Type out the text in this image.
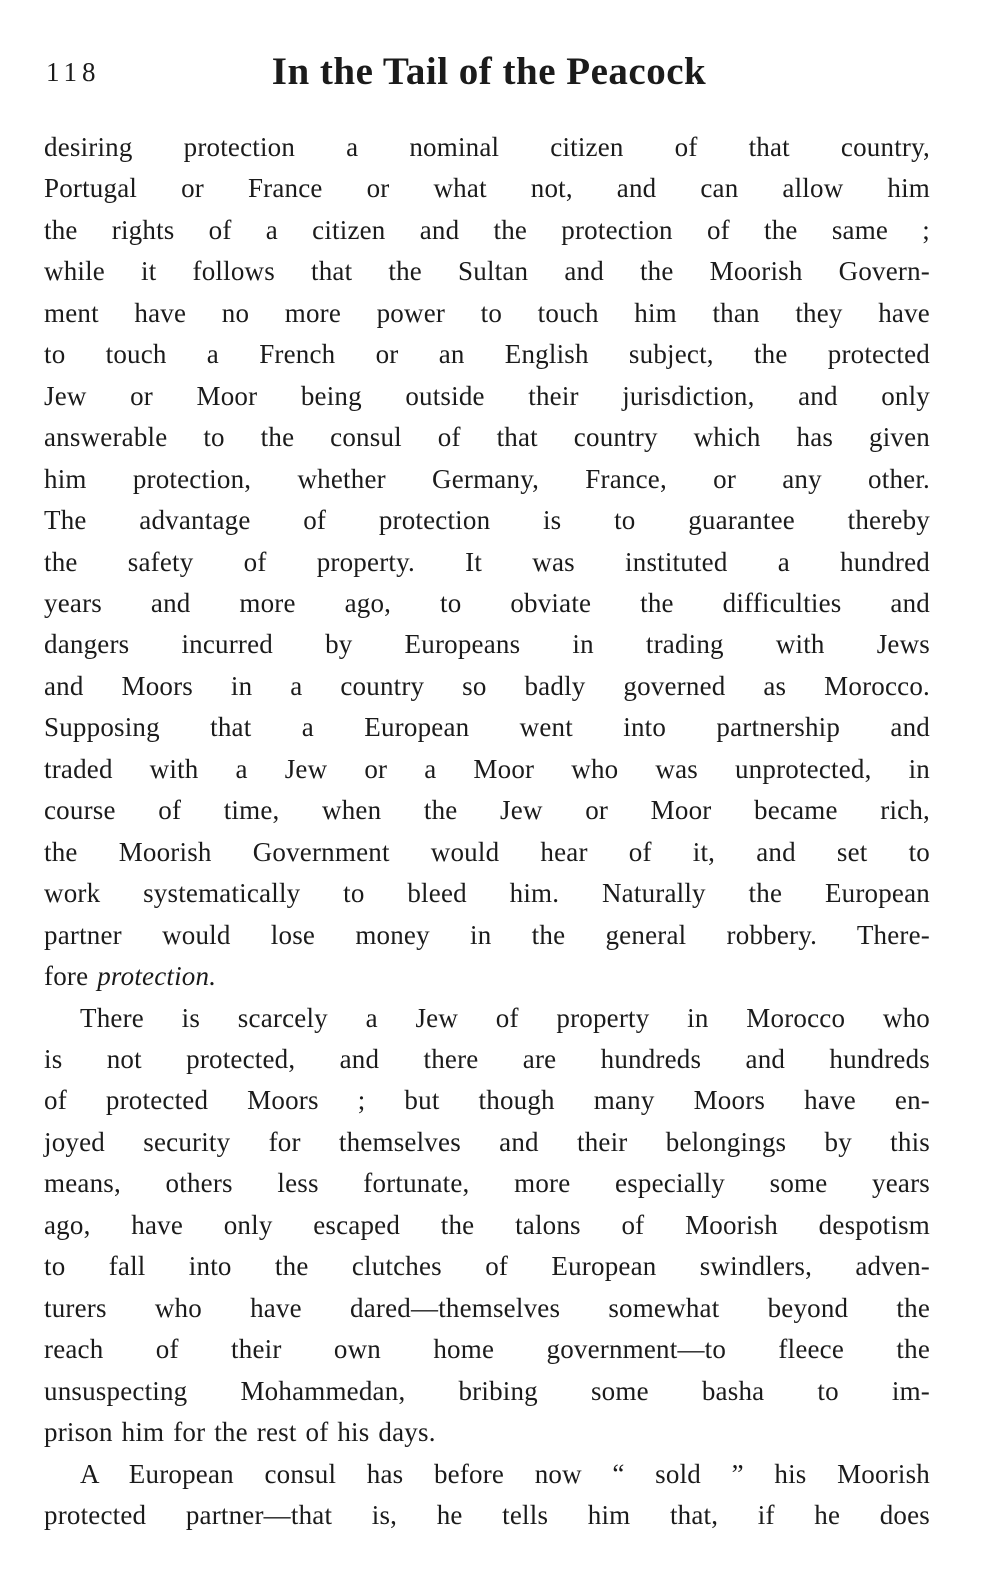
118	In the Tail of the Peacock
desiring protection a nominal citizen of that country,
Portugal or France or what not, and can allow him
the rights of a citizen and the protection of the same ;
while it follows that the Sultan and the Moorish Govern-
ment have no more power to touch him than they have
to touch a French or an English subject, the protected
Jew or Moor being outside their jurisdiction, and only
answerable to the consul of that country which has given
him protection, whether Germany, France, or any other.
The advantage of protection is to guarantee thereby
the safety of property. It was instituted a hundred
years and more ago, to obviate the difficulties and
dangers incurred by Europeans in trading with Jews
and Moors in a country so badly governed as Morocco.
Supposing that a European went into partnership and
traded with a Jew or a Moor who was unprotected, in
course of time, when the Jew or Moor became rich,
the Moorish Government would hear of it, and set to
work systematically to bleed him. Naturally the European
partner would lose money in the general robbery. There-
fore protection.
There is scarcely a Jew of property in Morocco who
is not protected, and there are hundreds and hundreds
of protected Moors ; but though many Moors have en-
joyed security for themselves and their belongings by this
means, others less fortunate, more especially some years
ago, have only escaped the talons of Moorish despotism
to fall into the clutches of European swindlers, adven-
turers who have dared—themselves somewhat beyond the
reach of their own home government—to fleece the
unsuspecting Mohammedan, bribing some basha to im-
prison him for the rest of his days.
A European consul has before now “ sold ” his Moorish
protected partner—that is, he tells him that, if he does
